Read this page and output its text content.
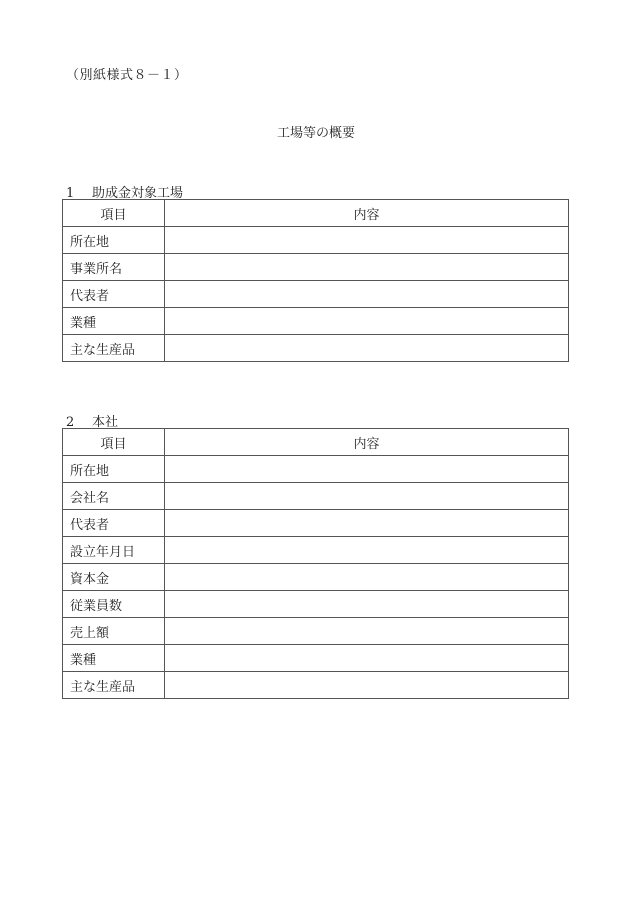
（別紙様式８－１）
工場等の概要
1 助成金対象工場
項目	内容
所在地	
事業所名	
代表者	
業種	
主な生産品	
2 本社
項目	内容
所在地	
会社名	
代表者	
設立年月日	
資本金	
従業員数	
売上額	
業種	
主な生産品	
